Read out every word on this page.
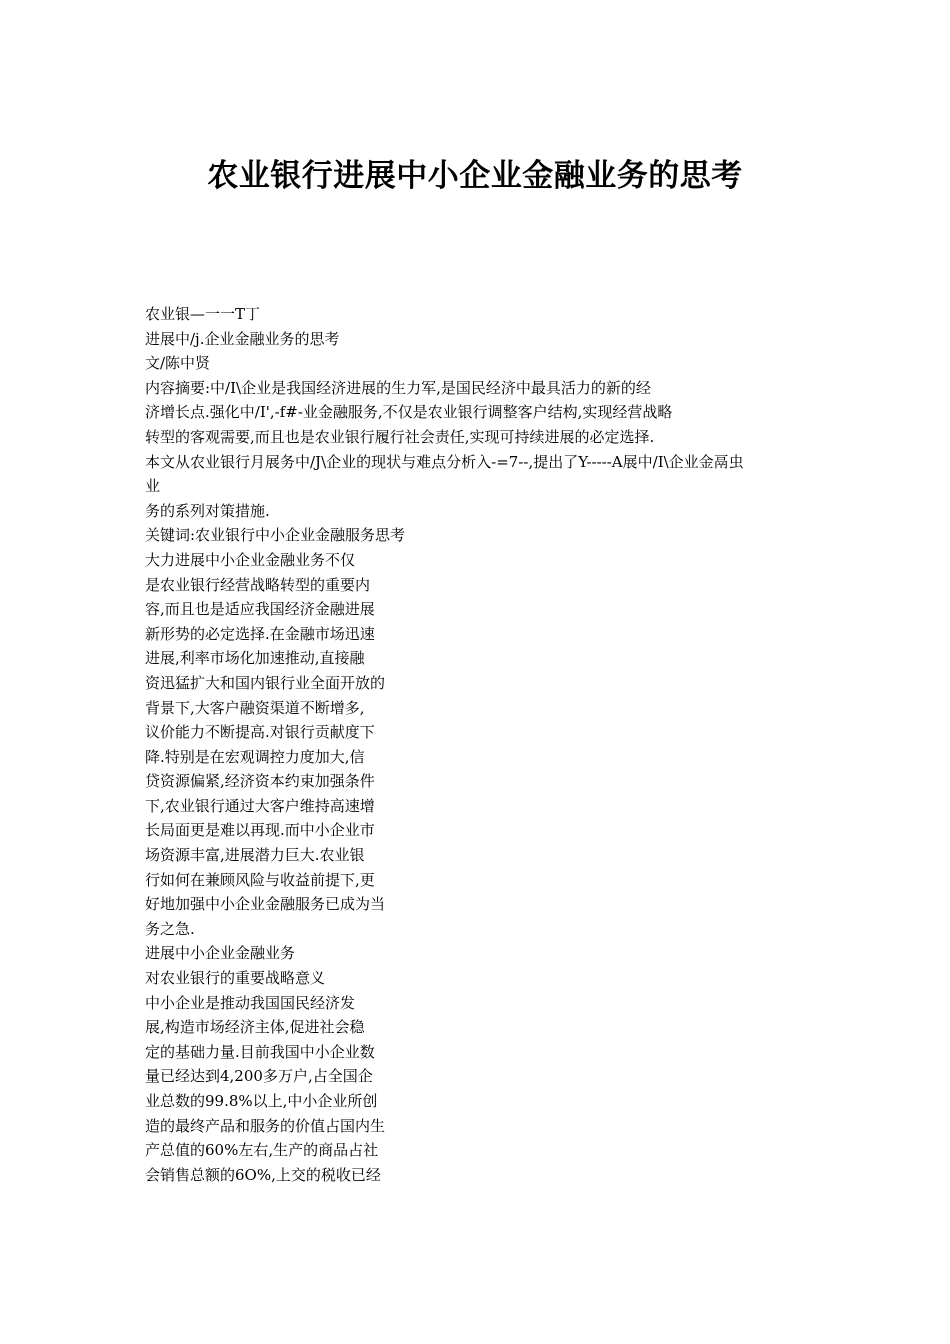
农业银行进展中小企业金融业务的思考
农业银—一一T丁
进展中/j.企业金融业务的思考
文/陈中贤
内容摘要:中/I\企业是我国经济进展的生力军,是国民经济中最具活力的新的经
济增长点.强化中/I',-f#-业金融服务,不仅是农业银行调整客户结构,实现经营战略
转型的客观需要,而且也是农业银行履行社会责任,实现可持续进展的必定选择.
本文从农业银行月展务中/J\企业的现状与难点分析入-=7--,提出了Y-----A展中/I\企业金鬲虫
业
务的系列对策措施.
关键词:农业银行中小企业金融服务思考
大力进展中小企业金融业务不仅
是农业银行经营战略转型的重要内
容,而且也是适应我国经济金融进展
新形势的必定选择.在金融市场迅速
进展,利率市场化加速推动,直接融
资迅猛扩大和国内银行业全面开放的
背景下,大客户融资渠道不断增多,
议价能力不断提高.对银行贡献度下
降.特别是在宏观调控力度加大,信
贷资源偏紧,经济资本约束加强条件
下,农业银行通过大客户维持高速增
长局面更是难以再现.而中小企业市
场资源丰富,进展潜力巨大.农业银
行如何在兼顾风险与收益前提下,更
好地加强中小企业金融服务已成为当
务之急.
进展中小企业金融业务
对农业银行的重要战略意义
中小企业是推动我国国民经济发
展,构造市场经济主体,促进社会稳
定的基础力量.目前我国中小企业数
量已经达到4,200多万户,占全国企
业总数的99.8%以上,中小企业所创
造的最终产品和服务的价值占国内生
产总值的60%左右,生产的商品占社
会销售总额的6O%,上交的税收已经
